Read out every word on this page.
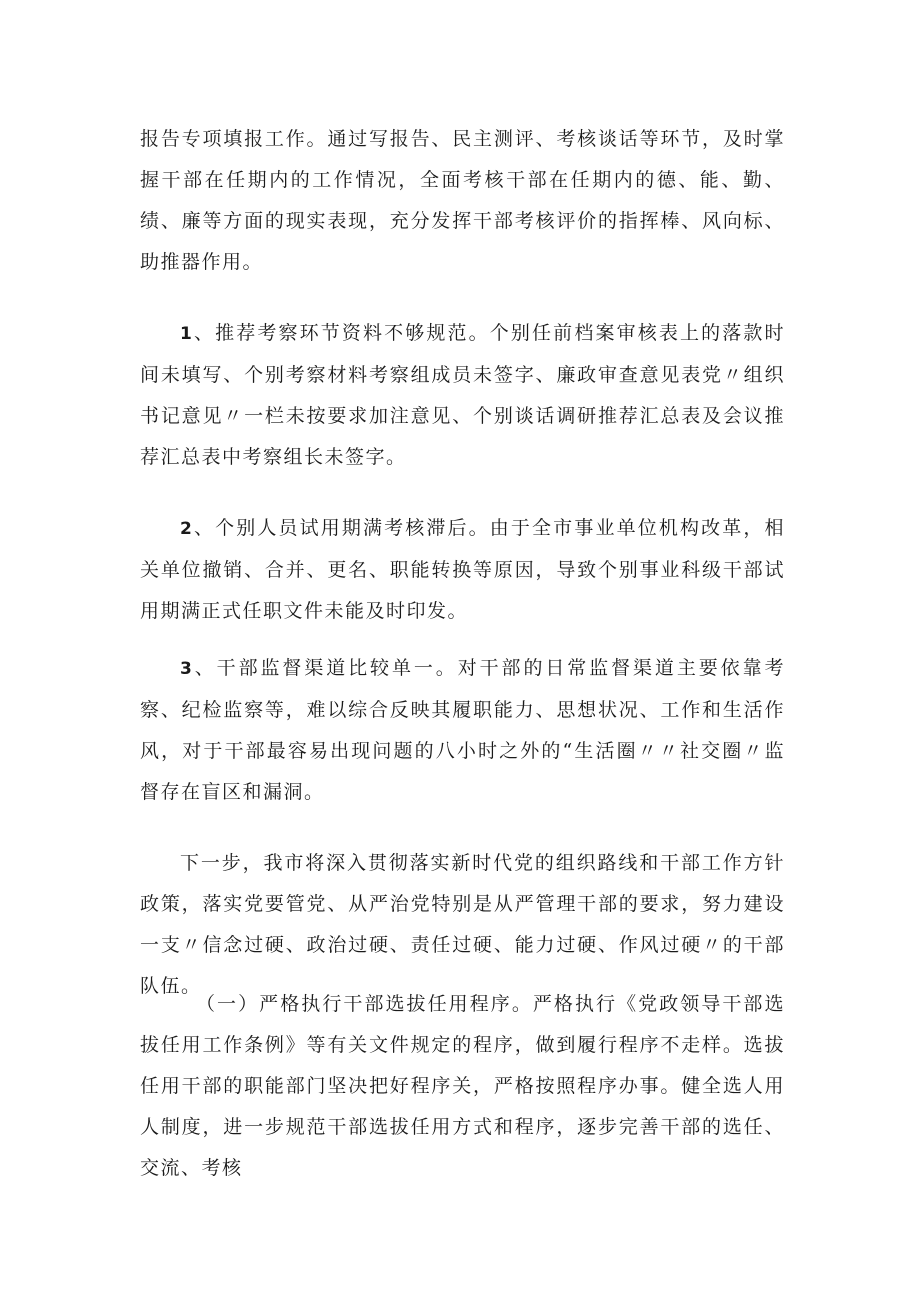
报告专项填报工作。通过写报告、民主测评、考核谈话等环节，及时掌握干部在任期内的工作情况，全面考核干部在任期内的德、能、勤、绩、廉等方面的现实表现，充分发挥干部考核评价的指挥棒、风向标、助推器作用。

1、推荐考察环节资料不够规范。个别任前档案审核表上的落款时间未填写、个别考察材料考察组成员未签字、廉政审查意见表党〃组织书记意见〃一栏未按要求加注意见、个别谈话调研推荐汇总表及会议推荐汇总表中考察组长未签字。

2、个别人员试用期满考核滞后。由于全市事业单位机构改革，相关单位撤销、合并、更名、职能转换等原因，导致个别事业科级干部试用期满正式任职文件未能及时印发。

3、干部监督渠道比较单一。对干部的日常监督渠道主要依靠考察、纪检监察等，难以综合反映其履职能力、思想状况、工作和生活作风，对于干部最容易出现问题的八小时之外的“生活圈〃〃社交圈〃监督存在盲区和漏洞。

下一步，我市将深入贯彻落实新时代党的组织路线和干部工作方针政策，落实党要管党、从严治党特别是从严管理干部的要求，努力建设一支〃信念过硬、政治过硬、责任过硬、能力过硬、作风过硬〃的干部队伍。

（一）严格执行干部选拔任用程序。严格执行《党政领导干部选拔任用工作条例》等有关文件规定的程序，做到履行程序不走样。选拔任用干部的职能部门坚决把好程序关，严格按照程序办事。健全选人用人制度，进一步规范干部选拔任用方式和程序，逐步完善干部的选任、交流、考核
